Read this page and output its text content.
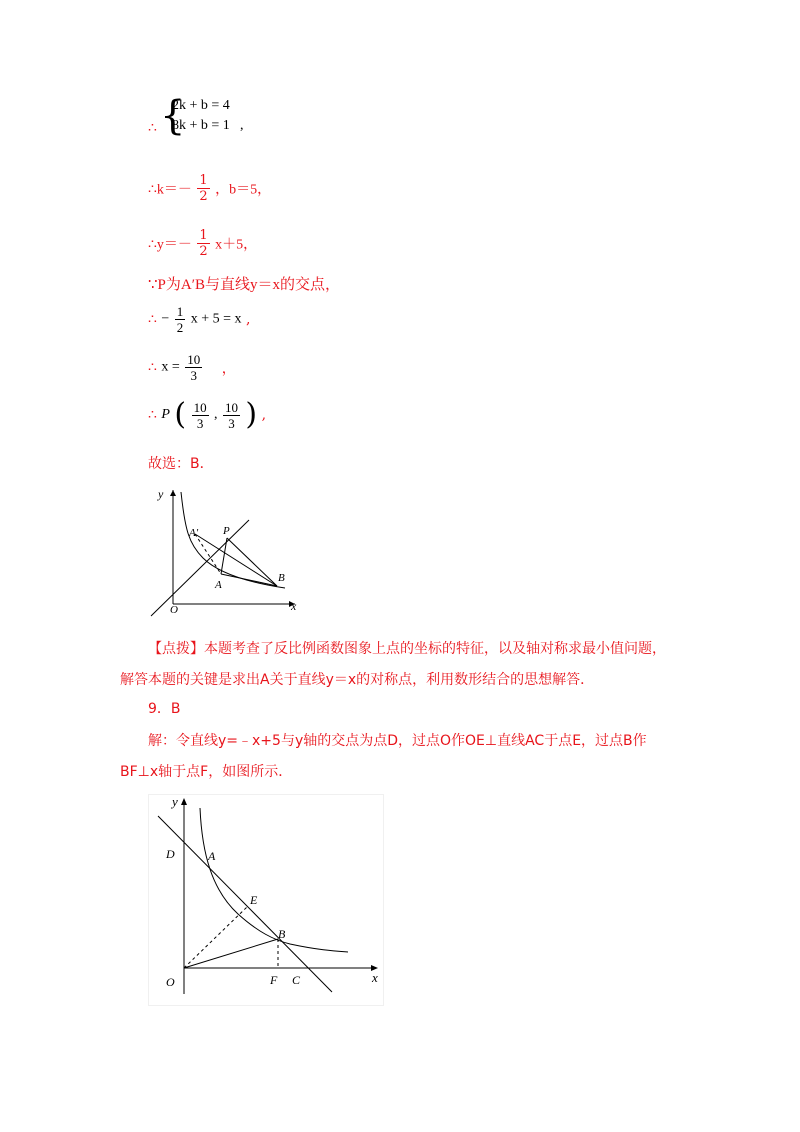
∴ {
2k + b = 4
8k + b = 1 ,
∴k＝－ $\frac{1}{2}$ ，b＝5，
∴y＝－ $\frac{1}{2} x+5$，
∵P为A′B与直线y＝x的交点，
∴ − $\frac{1}{2}$ x + 5 = x ,
∴ $x = \frac{10}{3}$ ，
∴ P ( $\frac{10}{3}$ , $\frac{10}{3}$ ) ,
故选：B．
y
x
O
A′ P
A
B
【点拨】本题考查了反比例函数图象上点的坐标的特征，以及轴对称求最小值问题，
解答本题的关键是求出A关于直线y＝x的对称点，利用数形结合的思想解答．
9．B
解：令直线y=﹣x+5与y轴的交点为点D，过点O作OE⊥直线AC于点E，过点B作
BF⊥x轴于点F，如图所示．
y
x
O
D	A
E
B
F C
